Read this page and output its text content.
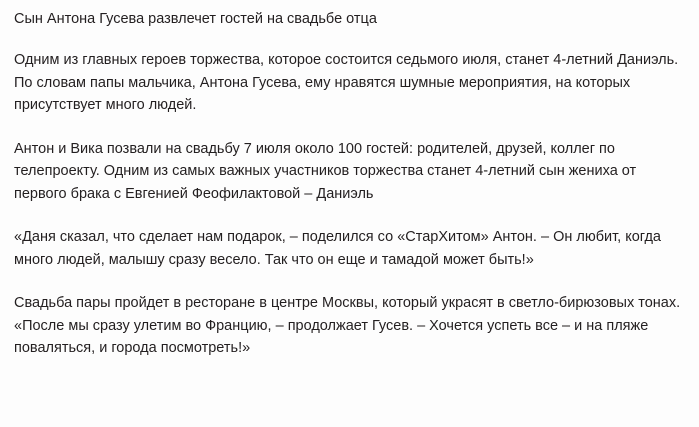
Сын Антона Гусева развлечет гостей на свадьбе отца

Одним из главных героев торжества, которое состоится седьмого июля, станет 4-летний Даниэль. По словам папы мальчика, Антона Гусева, ему нравятся шумные мероприятия, на которых присутствует много людей.

Антон и Вика позвали на свадьбу 7 июля около 100 гостей: родителей, друзей, коллег по телепроекту. Одним из самых важных участников торжества станет 4-летний сын жениха от первого брака с Евгенией Феофилактовой – Даниэль

«Даня сказал, что сделает нам подарок, – поделился со «СтарХитом» Антон. – Он любит, когда много людей, малышу сразу весело. Так что он еще и тамадой может быть!»

Свадьба пары пройдет в ресторане в центре Москвы, который украсят в светло-бирюзовых тонах. «После мы сразу улетим во Францию, – продолжает Гусев. – Хочется успеть все – и на пляже поваляться, и города посмотреть!»
